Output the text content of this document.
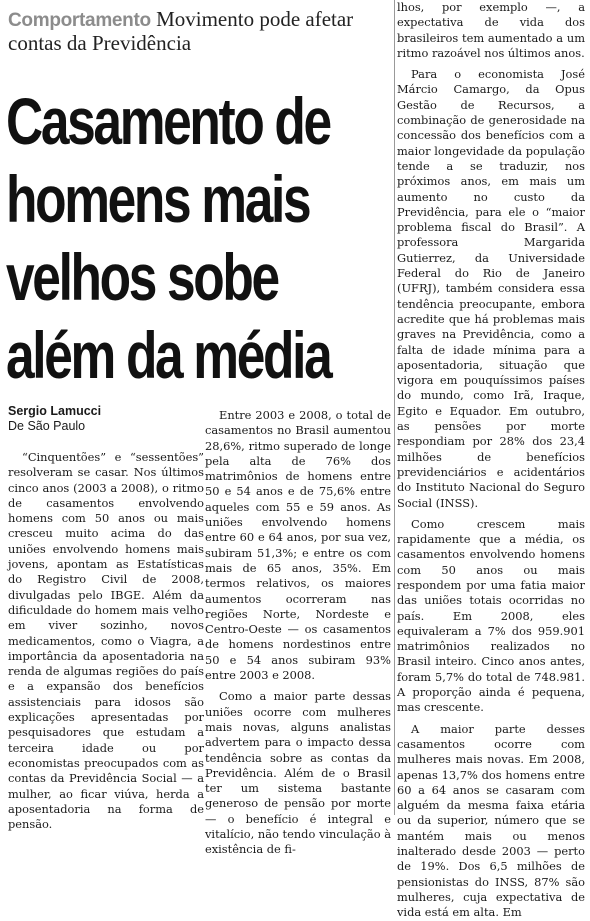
Comportamento Movimento pode afetar contas da Previdência
Casamento de homens mais velhos sobe além da média
Sergio Lamucci
De São Paulo

“Cinquentões” e “sessentões” resolveram se casar. Nos últimos cinco anos (2003 a 2008), o ritmo de casamentos envolvendo homens com 50 anos ou mais cresceu muito acima do das uniões envolvendo homens mais jovens, apontam as Estatísticas do Registro Civil de 2008, divulgadas pelo IBGE. Além da dificuldade do homem mais velho em viver sozinho, novos medicamentos, como o Viagra, a importância da aposentadoria na renda de algumas regiões do país e a expansão dos benefícios assistenciais para idosos são explicações apresentadas por pesquisadores que estudam a terceira idade ou por economistas preocupados com as contas da Previdência Social — a mulher, ao ficar viúva, herda a aposentadoria na forma de pensão.

Entre 2003 e 2008, o total de casamentos no Brasil aumentou 28,6%, ritmo superado de longe pela alta de 76% dos matrimônios de homens entre 50 e 54 anos e de 75,6% entre aqueles com 55 e 59 anos. As uniões envolvendo homens entre 60 e 64 anos, por sua vez, subiram 51,3%; e entre os com mais de 65 anos, 35%. Em termos relativos, os maiores aumentos ocorreram nas regiões Norte, Nordeste e Centro-Oeste — os casamentos de homens nordestinos entre 50 e 54 anos subiram 93% entre 2003 e 2008.

Como a maior parte dessas uniões ocorre com mulheres mais novas, alguns analistas advertem para o impacto dessa tendência sobre as contas da Previdência. Além de o Brasil ter um sistema bastante generoso de pensão por morte — o benefício é integral e vitalício, não tendo vinculação à existência de fi-

lhos, por exemplo —, a expectativa de vida dos brasileiros tem aumentado a um ritmo razoável nos últimos anos.

Para o economista José Márcio Camargo, da Opus Gestão de Recursos, a combinação de generosidade na concessão dos benefícios com a maior longevidade da população tende a se traduzir, nos próximos anos, em mais um aumento no custo da Previdência, para ele o “maior problema fiscal do Brasil”. A professora Margarida Gutierrez, da Universidade Federal do Rio de Janeiro (UFRJ), também considera essa tendência preocupante, embora acredite que há problemas mais graves na Previdência, como a falta de idade mínima para a aposentadoria, situação que vigora em pouquíssimos países do mundo, como Irã, Iraque, Egito e Equador. Em outubro, as pensões por morte respondiam por 28% dos 23,4 milhões de benefícios previdenciários e acidentários do Instituto Nacional do Seguro Social (INSS).

Como crescem mais rapidamente que a média, os casamentos envolvendo homens com 50 anos ou mais respondem por uma fatia maior das uniões totais ocorridas no país. Em 2008, eles equivaleram a 7% dos 959.901 matrimônios realizados no Brasil inteiro. Cinco anos antes, foram 5,7% do total de 748.981. A proporção ainda é pequena, mas crescente.

A maior parte desses casamentos ocorre com mulheres mais novas. Em 2008, apenas 13,7% dos homens entre 60 a 64 anos se casaram com alguém da mesma faixa etária ou da superior, número que se mantém mais ou menos inalterado desde 2003 — perto de 19%. Dos 6,5 milhões de pensionistas do INSS, 87% são mulheres, cuja expectativa de vida está em alta. Em
